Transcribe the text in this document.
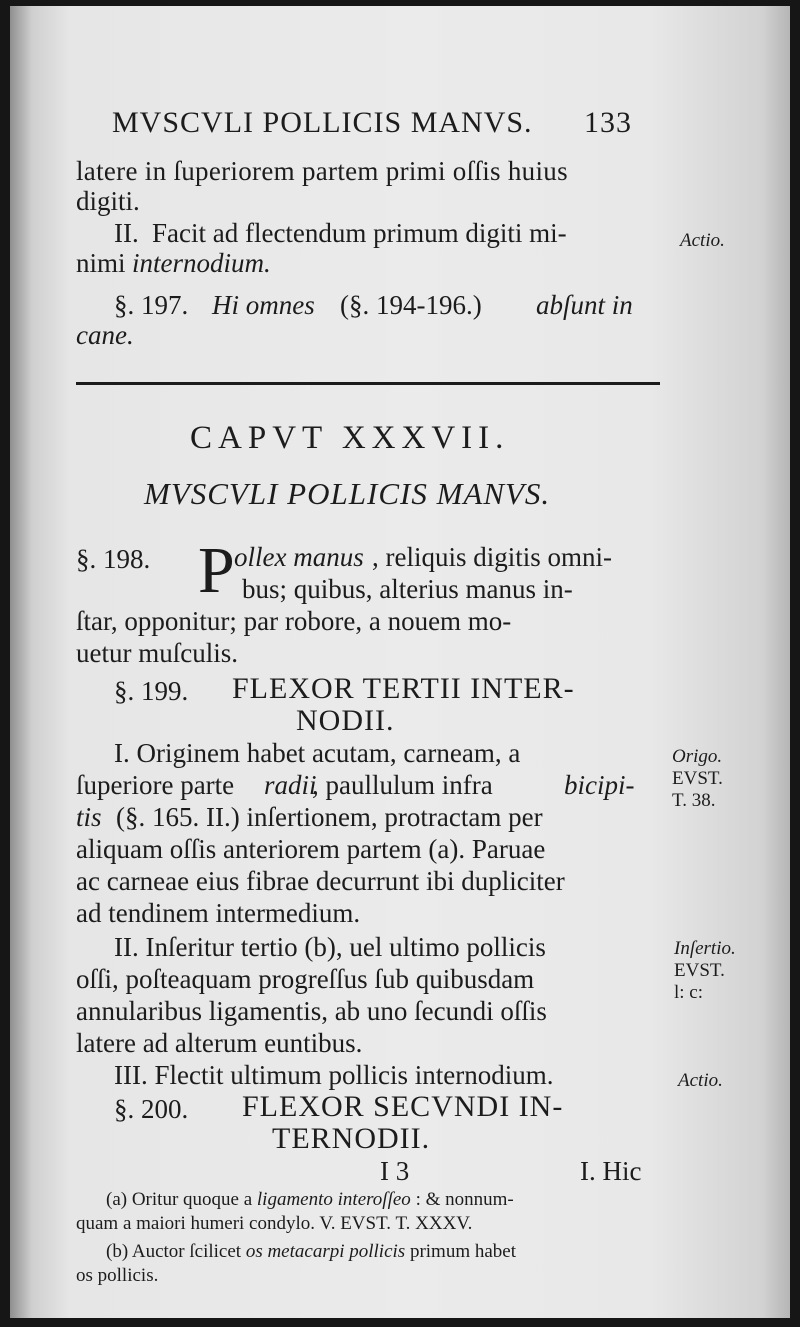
MVSCVLI POLLICIS MANVS. 133
latere in ſuperiorem partem primi oſſis huius
digiti.
II. Facit ad flectendum primum digiti mi-
nimi internodium.
Actio.
§. 197. Hi omnes (§. 194-196.) abſunt in
cane.
CAPVT XXXVII.
MVSCVLI POLLICIS MANVS.
§. 198. P ollex manus , reliquis digitis omni-
bus; quibus, alterius manus in-
ſtar, opponitur; par robore, a nouem mo-
uetur muſculis.
§. 199. FLEXOR TERTII INTER-
NODII.
I. Originem habet acutam, carneam, a
ſuperiore parte radii
, paullulum infra	bicipi-
tis (§. 165. II.) inſertionem, protractam per
aliquam oſſis anteriorem partem (a). Paruae
ac carneae eius fibrae decurrunt ibi dupliciter
ad tendinem intermedium.
Origo.
EVST.
T. 38.
II. Inſeritur tertio (b), uel ultimo pollicis
oſſi, poſteaquam progreſſus ſub quibusdam
annularibus ligamentis, ab uno ſecundi oſſis
latere ad alterum euntibus.
Inſertio.
EVST.
l: c:
III. Flectit ultimum pollicis internodium.	Actio.
§. 200. FLEXOR SECVNDI IN-
TERNODII.
I 3	I. Hic
(a) Oritur quoque a ligamento interoſſeo : & nonnum-
quam a maiori humeri condylo. V. EVST. T. XXXV.
(b) Auctor ſcilicet os metacarpi pollicis primum habet
os pollicis.
